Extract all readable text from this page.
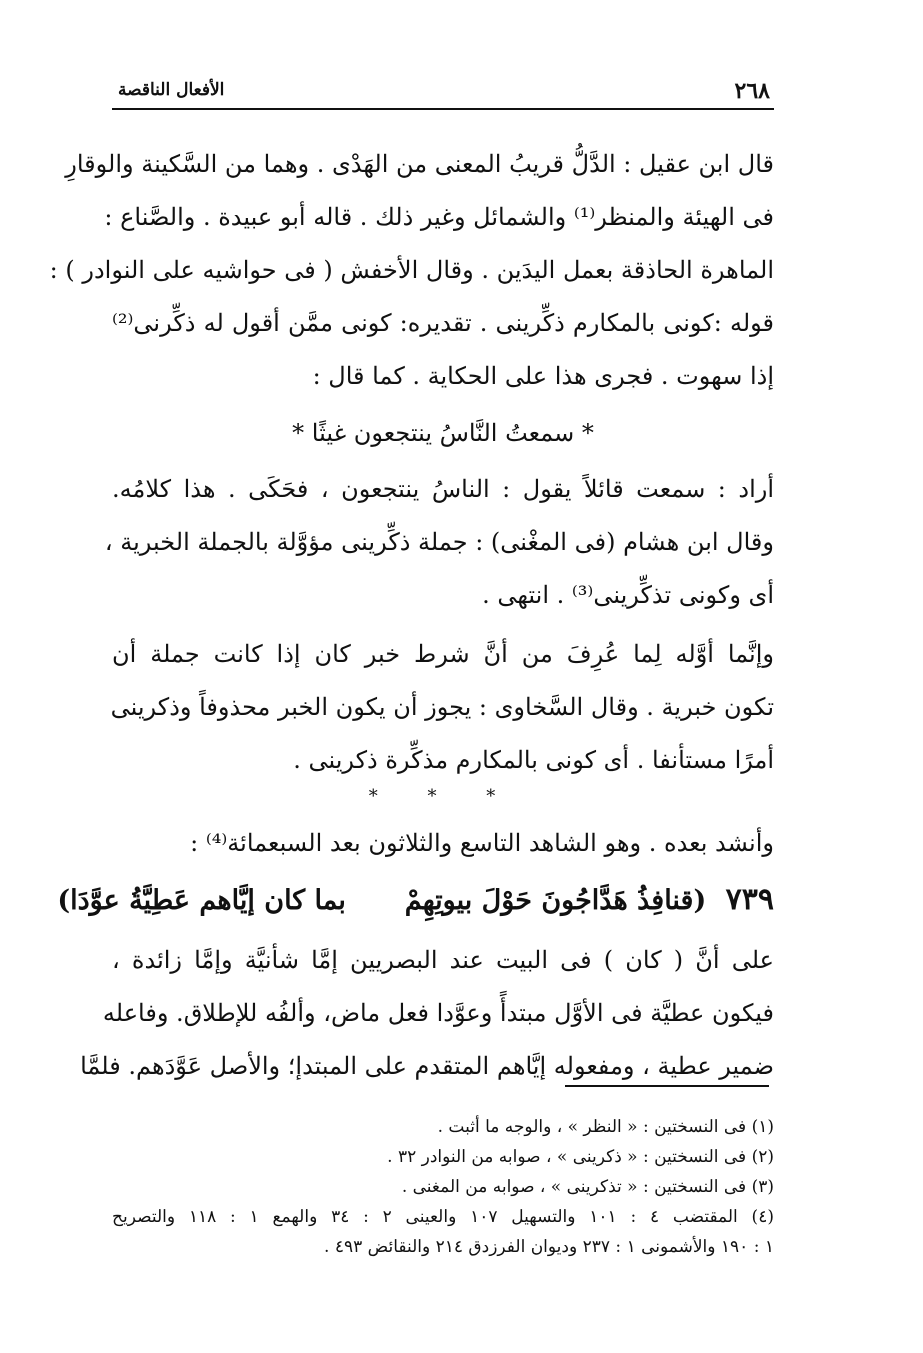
٢٦٨
الأفعال الناقصة
قال ابن عقيل : الدَّلُّ قريبُ المعنى من الهَدْى . وهما من السَّكينة والوقارِ
فى الهيئة والمنظر⁽¹⁾ والشمائل وغير ذلك . قاله أبو عبيدة . والصَّناع :
الماهرة الحاذقة بعمل اليدَين . وقال الأخفش ( فى حواشيه على النوادر ) :
قوله :كونى بالمكارم ذكِّرينى . تقديره: كونى ممَّن أقول له ذكِّرنى⁽²⁾
إذا سهوت . فجرى هذا على الحكاية . كما قال :
* سمعتُ النَّاسُ ينتجعون غيثًا *
أراد : سمعت قائلاً يقول : الناسُ ينتجعون ، فحَكَى . هذا كلامُه.
وقال ابن هشام (فى المغْنى) : جملة ذكِّرينى مؤوَّلة بالجملة الخبرية ،
أى وكونى تذكِّرينى⁽³⁾ . انتهى .
وإنَّما أوَّله لِما عُرِفَ من أنَّ شرط خبر كان إذا كانت جملة أن
تكون خبرية . وقال السَّخاوى : يجوز أن يكون الخبر محذوفاً وذكرينى
أمرًا مستأنفا . أى كونى بالمكارم مذكِّرة ذكرينى .
* * *
وأنشد بعده . وهو الشاهد التاسع والثلاثون بعد السبعمائة⁽⁴⁾ :
٧٣٩ (قنافِذُ هَدَّاجُونَ حَوْلَ بيوتِهِمْ  بما كان إيَّاهم عَطِيَّةُ عوَّدَا)
على أنَّ ( كان ) فى البيت عند البصريين إمَّا شأنيَّة وإمَّا زائدة ،
فيكون عطيَّة فى الأوَّل مبتدأً وعوَّدا فعل ماض، وألفُه للإطلاق. وفاعله
ضمير عطية ، ومفعوله إيَّاهم المتقدم على المبتدإ؛ والأصل عَوَّدَهم. فلمَّا
(١) فى النسختين : « النظر » ، والوجه ما أثبت .
(٢) فى النسختين : « ذكرينى » ، صوابه من النوادر ٣٢ .
(٣) فى النسختين : « تذكرينى » ، صوابه من المغنى .
(٤) المقتضب ٤ : ١٠١ والتسهيل ١٠٧ والعينى ٢ : ٣٤ والهمع ١ : ١١٨ والتصريح
١ : ١٩٠ والأشمونى ١ : ٢٣٧ وديوان الفرزدق ٢١٤ والنقائض ٤٩٣ .
